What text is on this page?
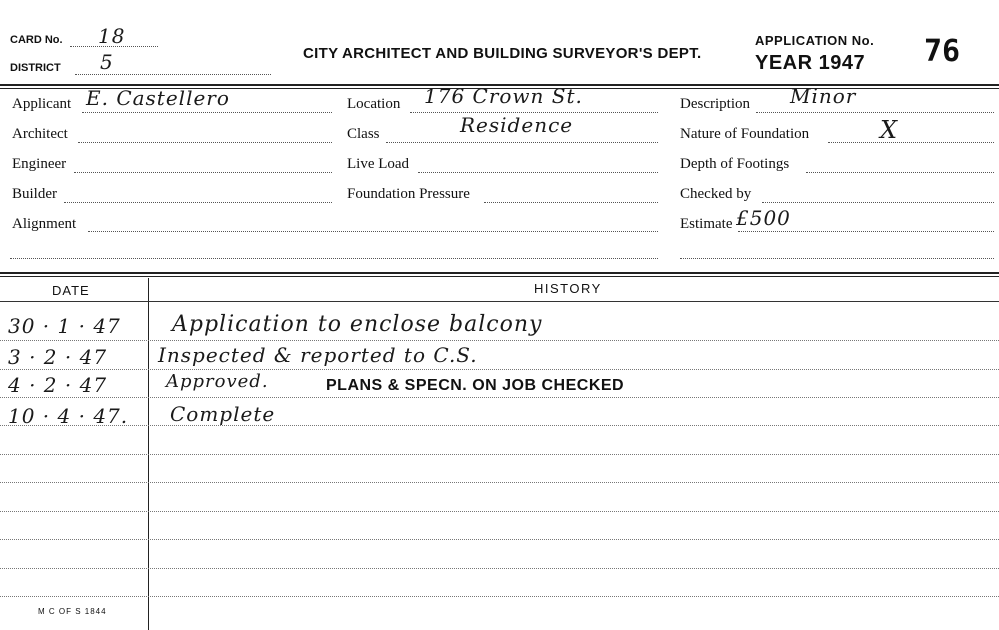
CARD No. 18
DISTRICT 5	CITY ARCHITECT AND BUILDING SURVEYOR'S DEPT.
APPLICATION No.
YEAR 1947 76
Applicant E. Castellero
Architect
Engineer
Builder
Alignment
Location 176 Crown St.
Class	Residence
Live Load
Foundation Pressure
Description Minor
Nature of Foundation	X
Depth of Footings
Checked by
Estimate £500
DATE	HISTORY
30 · 1 · 47 Application to enclose balcony
3 · 2 · 47	Inspected & reported to C.S.
4 · 2 · 47	Approved.	PLANS & SPECN. ON JOB CHECKED
10 · 4 · 47. Complete
M C OF S 1844
